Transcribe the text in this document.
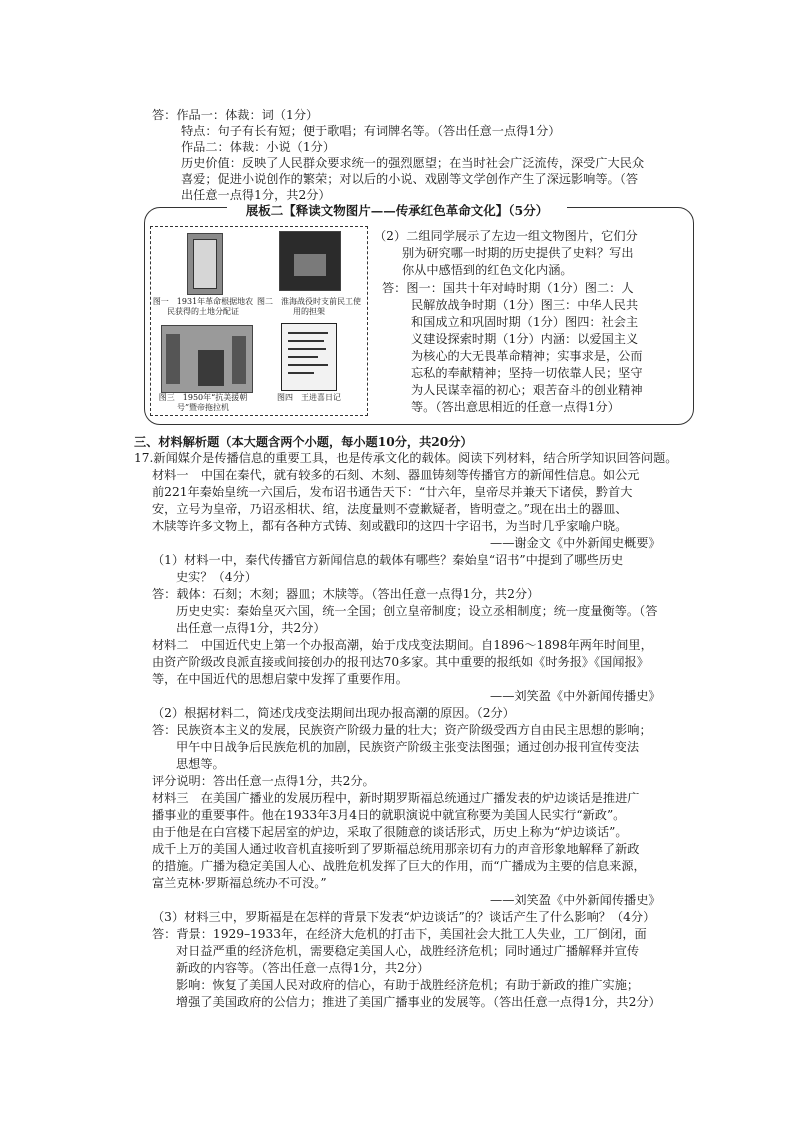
答：作品一：体裁：词（1分）
特点：句子有长有短；便于歌唱；有词牌名等。（答出任意一点得1分）
作品二：体裁：小说（1分）
历史价值：反映了人民群众要求统一的强烈愿望；在当时社会广泛流传，深受广大民众
喜爱；促进小说创作的繁荣；对以后的小说、戏剧等文学创作产生了深远影响等。（答
出任意一点得1分，共2分）
展板二【释读文物图片——传承红色革命文化】（5分）
图一　1931年革命根据地农民获得的土地分配证
图二　淮海战役时支前民工使用的担架
图三　1950年“抗美援朝号”暨帝拖拉机
图四　王进喜日记
（2）二组同学展示了左边一组文物图片，它们分
别为研究哪一时期的历史提供了史料？写出
你从中感悟到的红色文化内涵。
答：图一：国共十年对峙时期（1分）图二：人
民解放战争时期（1分）图三：中华人民共
和国成立和巩固时期（1分）图四：社会主
义建设探索时期（1分）内涵：以爱国主义
为核心的大无畏革命精神；实事求是，公而
忘私的奉献精神；坚持一切依靠人民；坚守
为人民谋幸福的初心；艰苦奋斗的创业精神
等。（答出意思相近的任意一点得1分）
三、材料解析题（本大题含两个小题，每小题10分，共20分）
17.新闻媒介是传播信息的重要工具，也是传承文化的载体。阅读下列材料，结合所学知识回答问题。
材料一　中国在秦代，就有较多的石刻、木刻、器皿铸刻等传播官方的新闻性信息。如公元
前221年秦始皇统一六国后，发布诏书通告天下：“廿六年，皇帝尽并兼天下诸侯，黔首大
安，立号为皇帝，乃诏丞相状、绾，法度量则不壹歉疑者，皆明壹之。”现在出土的器皿、
木牍等许多文物上，都有各种方式铸、刻或戳印的这四十字诏书，为当时几乎家喻户晓。
——谢金文《中外新闻史概要》
（1）材料一中，秦代传播官方新闻信息的载体有哪些？秦始皇“诏书”中提到了哪些历史
史实？（4分）
答：载体：石刻；木刻；器皿；木牍等。（答出任意一点得1分，共2分）
历史史实：秦始皇灭六国，统一全国；创立皇帝制度；设立丞相制度；统一度量衡等。（答
出任意一点得1分，共2分）
材料二　中国近代史上第一个办报高潮，始于戊戌变法期间。自1896～1898年两年时间里，
由资产阶级改良派直接或间接创办的报刊达70多家。其中重要的报纸如《时务报》《国闻报》
等，在中国近代的思想启蒙中发挥了重要作用。
——刘笑盈《中外新闻传播史》
（2）根据材料二，简述戊戌变法期间出现办报高潮的原因。（2分）
答：民族资本主义的发展，民族资产阶级力量的壮大；资产阶级受西方自由民主思想的影响；
甲午中日战争后民族危机的加剧，民族资产阶级主张变法图强；通过创办报刊宣传变法
思想等。
评分说明：答出任意一点得1分，共2分。
材料三　在美国广播业的发展历程中，新时期罗斯福总统通过广播发表的炉边谈话是推进广
播事业的重要事件。他在1933年3月4日的就职演说中就宣称要为美国人民实行“新政”。
由于他是在白宫楼下起居室的炉边，采取了很随意的谈话形式，历史上称为“炉边谈话”。
成千上万的美国人通过收音机直接听到了罗斯福总统用那亲切有力的声音形象地解释了新政
的措施。广播为稳定美国人心、战胜危机发挥了巨大的作用，而“广播成为主要的信息来源，
富兰克林·罗斯福总统办不可没。”
——刘笑盈《中外新闻传播史》
（3）材料三中，罗斯福是在怎样的背景下发表“炉边谈话”的？谈话产生了什么影响？（4分）
答：背景：1929–1933年，在经济大危机的打击下，美国社会大批工人失业，工厂倒闭，面
对日益严重的经济危机，需要稳定美国人心，战胜经济危机；同时通过广播解释并宣传
新政的内容等。（答出任意一点得1分，共2分）
影响：恢复了美国人民对政府的信心，有助于战胜经济危机；有助于新政的推广实施；
增强了美国政府的公信力；推进了美国广播事业的发展等。（答出任意一点得1分，共2分）
